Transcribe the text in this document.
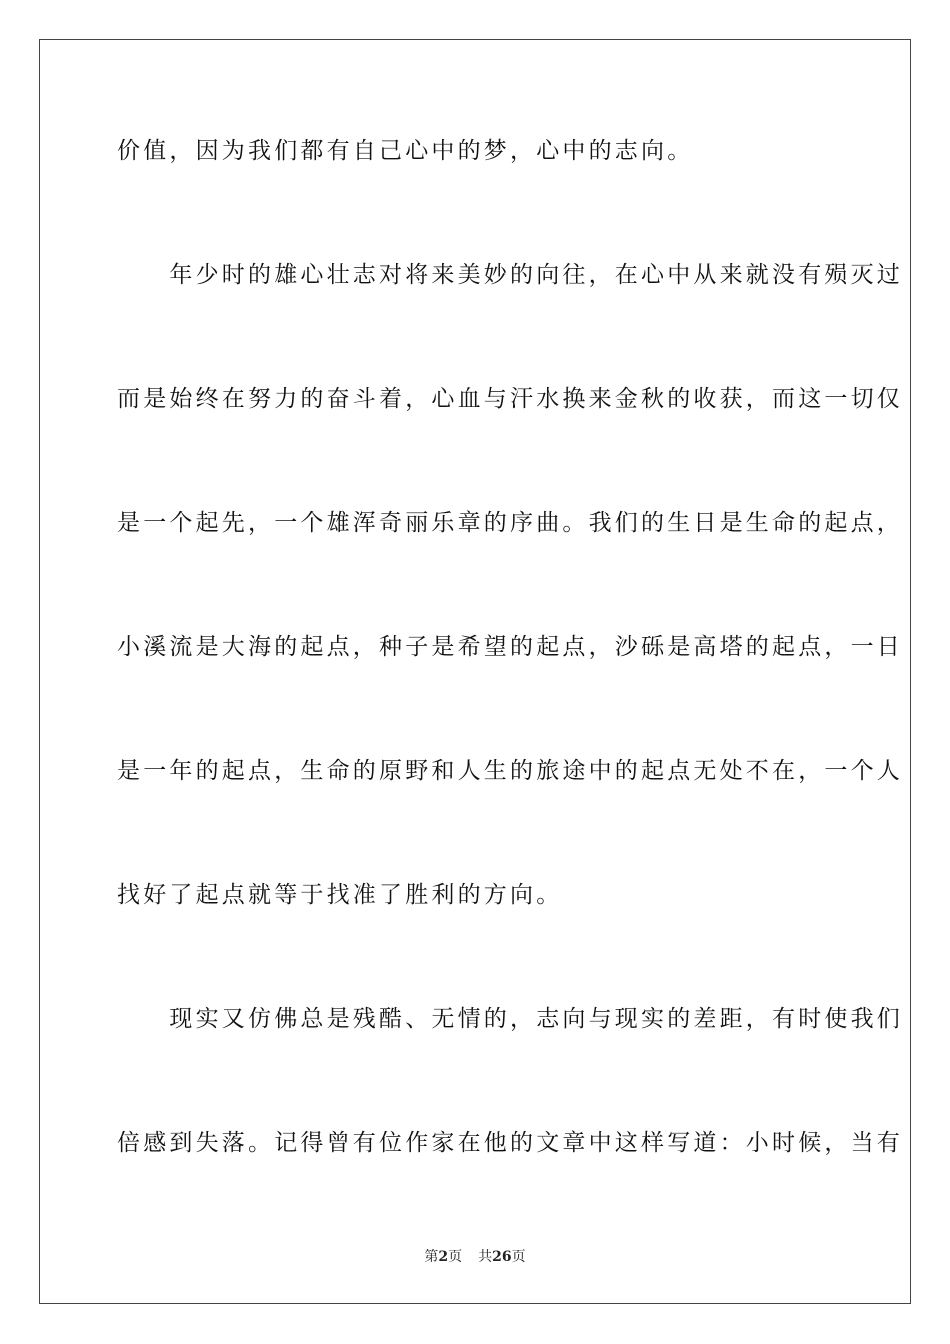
价值，因为我们都有自己心中的梦，心中的志向。
　　年少时的雄心壮志对将来美妙的向往，在心中从来就没有殒灭过
而是始终在努力的奋斗着，心血与汗水换来金秋的收获，而这一切仅
是一个起先，一个雄浑奇丽乐章的序曲。我们的生日是生命的起点，
小溪流是大海的起点，种子是希望的起点，沙砾是高塔的起点，一日
是一年的起点，生命的原野和人生的旅途中的起点无处不在，一个人
找好了起点就等于找准了胜利的方向。
　　现实又仿佛总是残酷、无情的，志向与现实的差距，有时使我们
倍感到失落。记得曾有位作家在他的文章中这样写道：小时候，当有
第2页 共26页
